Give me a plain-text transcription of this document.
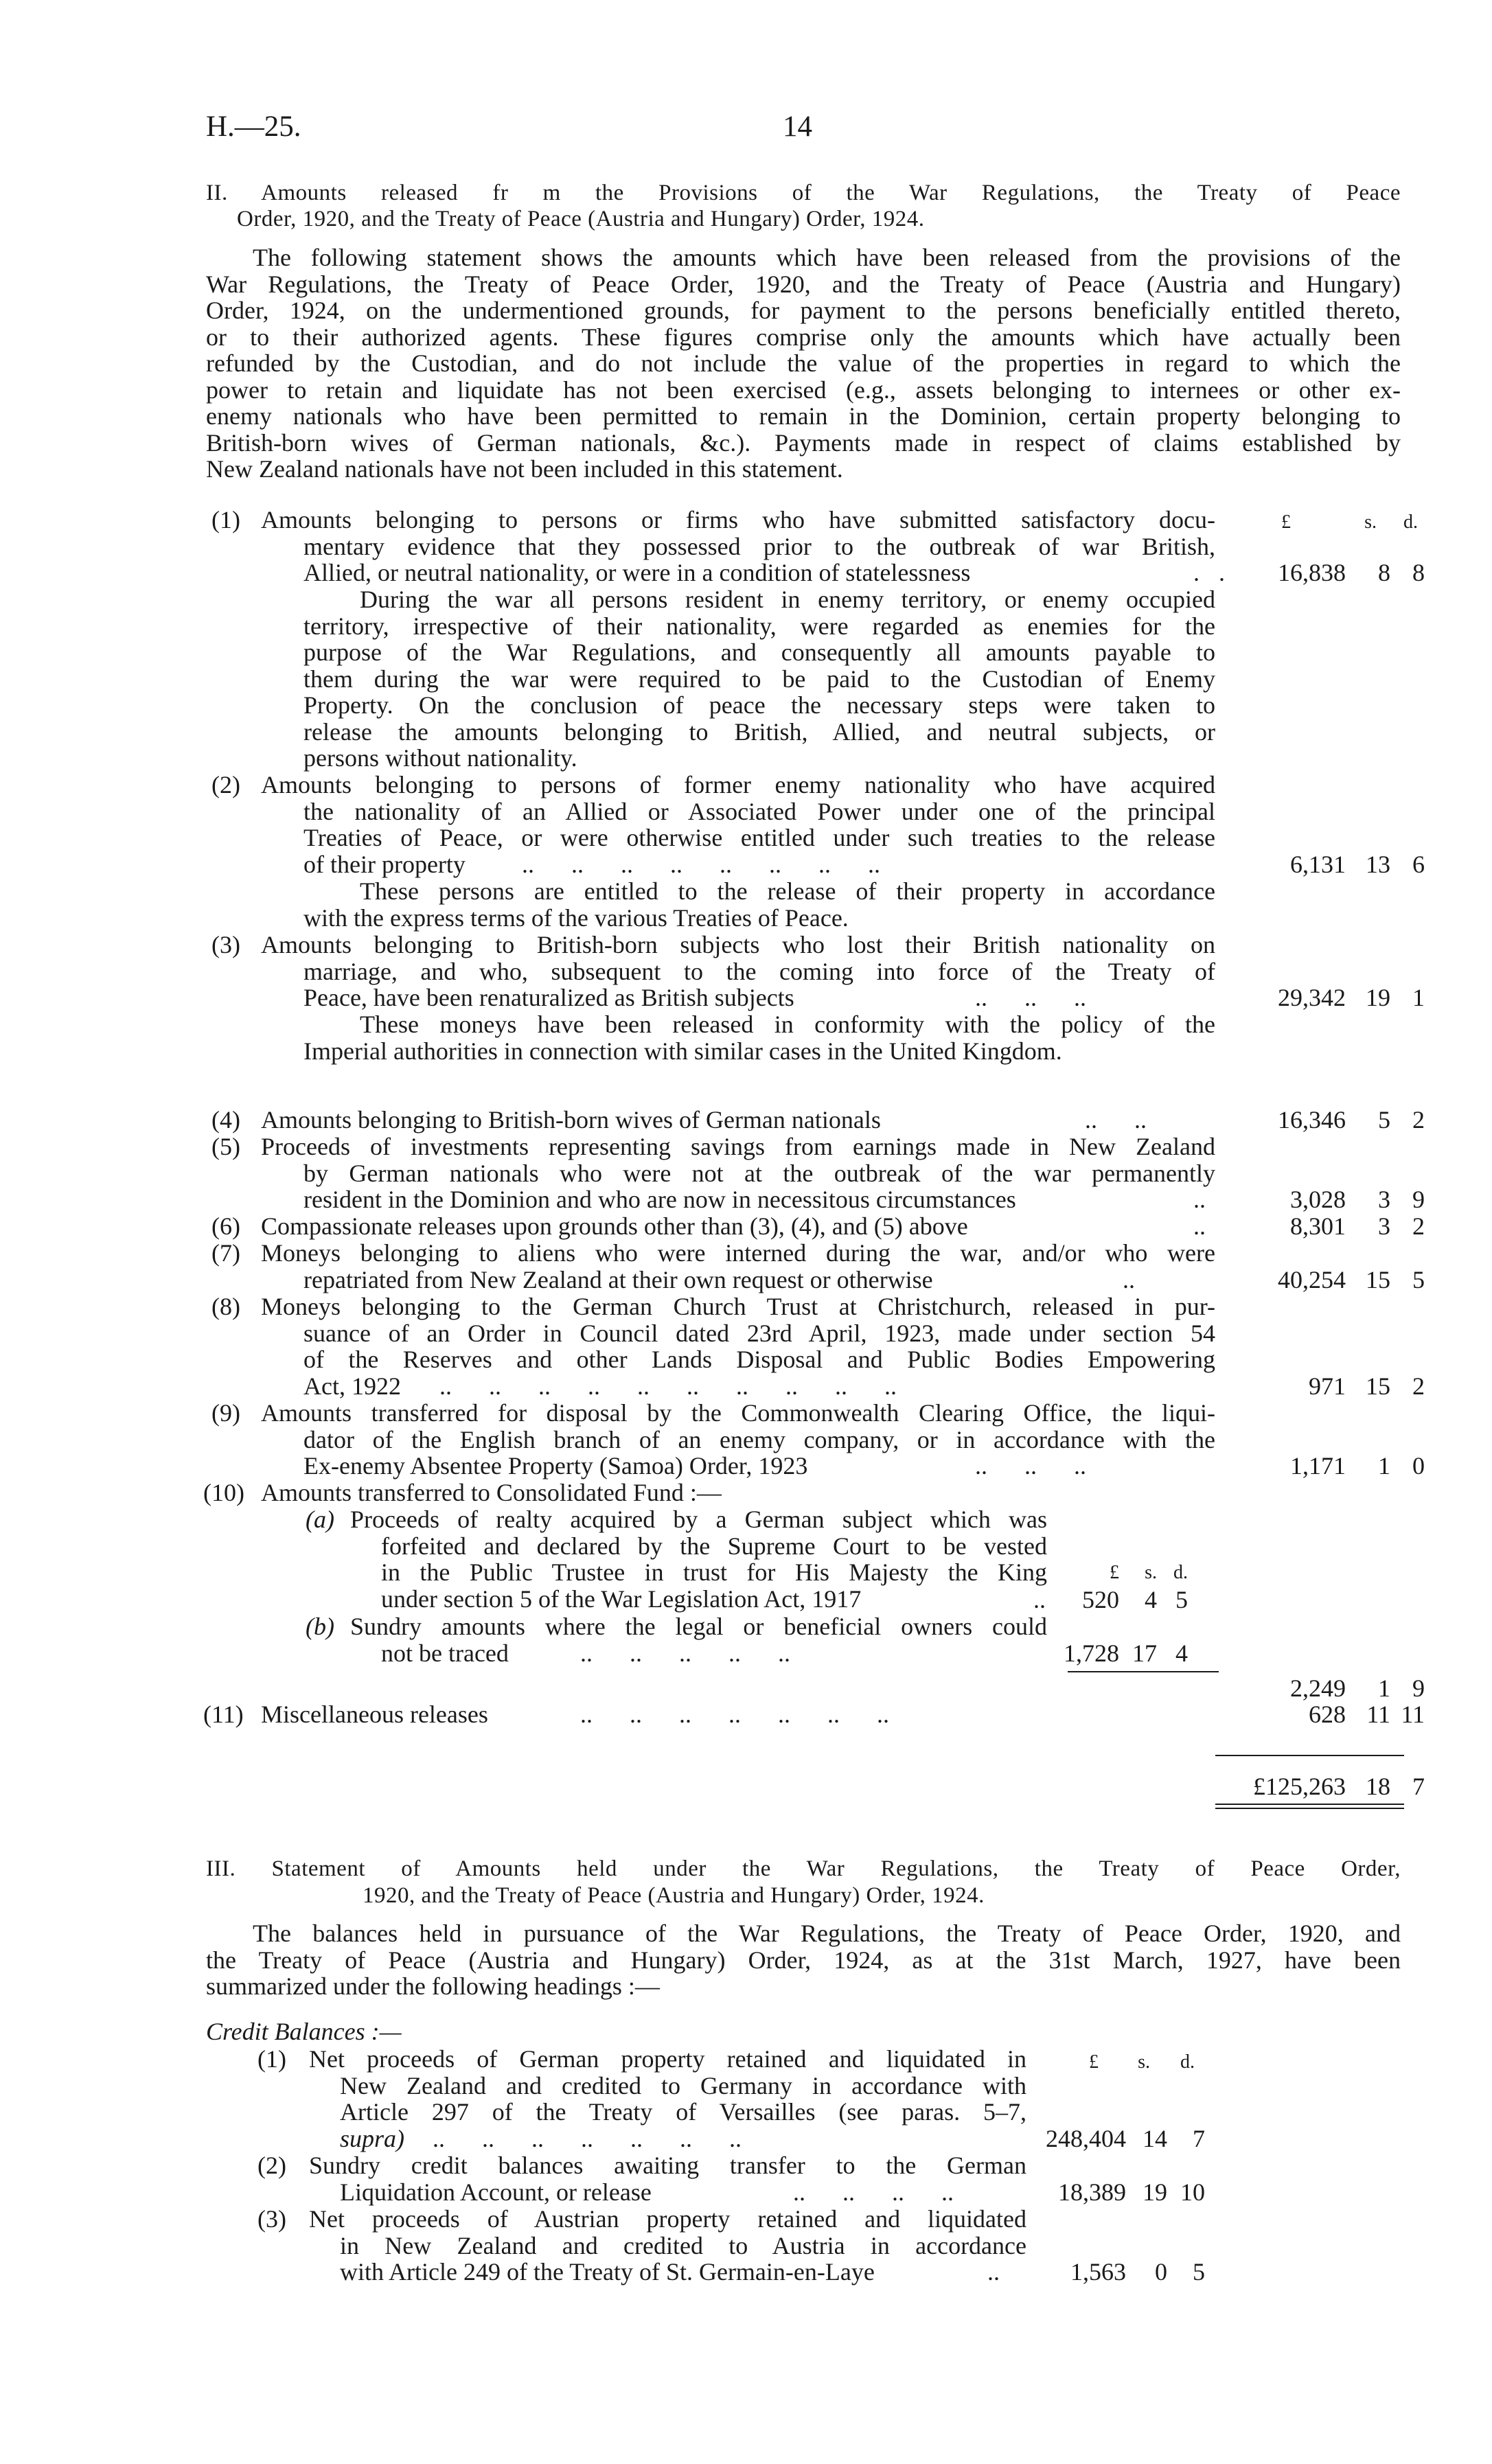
H.—25.	14
II. Amounts released fr m the Provisions of the War Regulations, the Treaty of Peace
Order, 1920, and the Treaty of Peace (Austria and Hungary) Order, 1924.
The following statement shows the amounts which have been released from the provisions of the
War Regulations, the Treaty of Peace Order, 1920, and the Treaty of Peace (Austria and Hungary)
Order, 1924, on the undermentioned grounds, for payment to the persons beneficially entitled thereto,
or to their authorized agents. These figures comprise only the amounts which have actually been
refunded by the Custodian, and do not include the value of the properties in regard to which the
power to retain and liquidate has not been exercised (e.g., assets belonging to internees or other ex-
enemy nationals who have been permitted to remain in the Dominion, certain property belonging to
British-born wives of German nationals, &c.). Payments made in respect of claims established by
New Zealand nationals have not been included in this statement.
£	s.	d.
(1) Amounts belonging to persons or firms who have submitted satisfactory docu-
mentary evidence that they possessed prior to the outbreak of war British,
Allied, or neutral nationality, or were in a condition of statelessness	..	16,838	8 8
During the war all persons resident in enemy territory, or enemy occupied
territory, irrespective of their nationality, were regarded as enemies for the
purpose of the War Regulations, and consequently all amounts payable to
them during the war were required to be paid to the Custodian of Enemy
Property. On the conclusion of peace the necessary steps were taken to
release the amounts belonging to British, Allied, and neutral subjects, or
persons without nationality.
(2) Amounts belonging to persons of former enemy nationality who have acquired
the nationality of an Allied or Associated Power under one of the principal
Treaties of Peace, or were otherwise entitled under such treaties to the release
of their property	..      ..      ..      ..      ..      ..      ..      ..	6,131 13 6
These persons are entitled to the release of their property in accordance
with the express terms of the various Treaties of Peace.
(3) Amounts belonging to British-born subjects who lost their British nationality on
marriage, and who, subsequent to the coming into force of the Treaty of
Peace, have been renaturalized as British subjects	..      ..      ..	29,342 19 1
These moneys have been released in conformity with the policy of the
Imperial authorities in connection with similar cases in the United Kingdom.
(4) Amounts belonging to British-born wives of German nationals	..      ..	16,346	5 2
(5) Proceeds of investments representing savings from earnings made in New Zealand
by German nationals who were not at the outbreak of the war permanently
resident in the Dominion and who are now in necessitous circumstances	..	3,028	3 9
(6) Compassionate releases upon grounds other than (3), (4), and (5) above	..	8,301	3 2
(7) Moneys belonging to aliens who were interned during the war, and/or who were
repatriated from New Zealand at their own request or otherwise	..	40,254 15 5
(8) Moneys belonging to the German Church Trust at Christchurch, released in pur-
suance of an Order in Council dated 23rd April, 1923, made under section 54
of the Reserves and other Lands Disposal and Public Bodies Empowering
Act, 1922	..      ..      ..      ..      ..      ..      ..      ..      ..      ..	971 15 2
(9) Amounts transferred for disposal by the Commonwealth Clearing Office, the liqui-
dator of the English branch of an enemy company, or in accordance with the
Ex-enemy Absentee Property (Samoa) Order, 1923	..      ..      ..	1,171	1 0
(10) Amounts transferred to Consolidated Fund :—
(a) Proceeds of realty acquired by a German subject which was
forfeited and declared by the Supreme Court to be vested
in the Public Trustee in trust for His Majesty the King
under section 5 of the War Legislation Act, 1917
£	s. d.
..	520	4 5
(b) Sundry amounts where the legal or beneficial owners could
not be traced	..      ..      ..      ..      ..	1,728 17 4
2,249	1 9
(11) Miscellaneous releases	..      ..      ..      ..      ..      ..      ..	628 11 11
£125,263 18 7
III. Statement of Amounts held under the War Regulations, the Treaty of Peace Order,
1920, and the Treaty of Peace (Austria and Hungary) Order, 1924.
The balances held in pursuance of the War Regulations, the Treaty of Peace Order, 1920, and
the Treaty of Peace (Austria and Hungary) Order, 1924, as at the 31st March, 1927, have been
summarized under the following headings :—
Credit Balances :—
£	s.	d.
(1) Net proceeds of German property retained and liquidated in
New Zealand and credited to Germany in accordance with
Article 297 of the Treaty of Versailles (see paras. 5–7,
supra)	..      ..      ..      ..      ..      ..      ..	248,404 14	7
(2) Sundry credit balances awaiting transfer to the German
Liquidation Account, or release	..      ..      ..      ..	18,389 19 10
(3) Net proceeds of Austrian property retained and liquidated
in New Zealand and credited to Austria in accordance
with Article 249 of the Treaty of St. Germain-en-Laye	..	1,563	0	5
